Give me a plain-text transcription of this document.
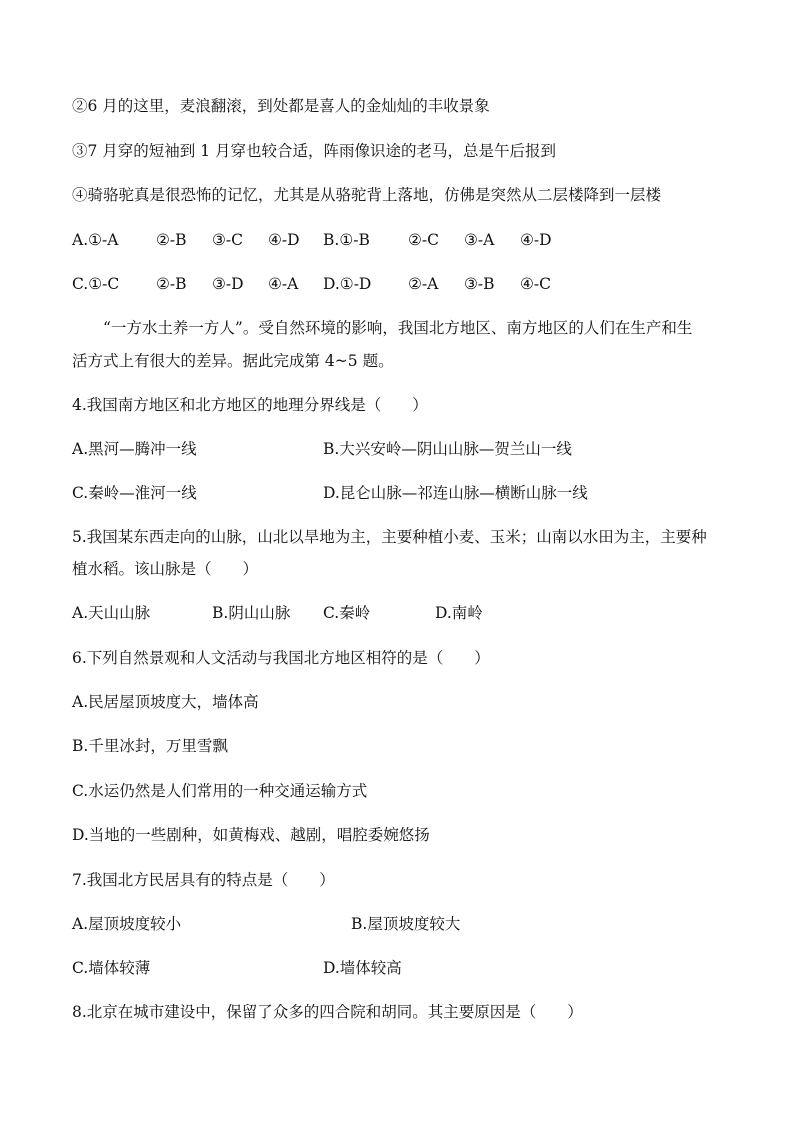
②6 月的这里，麦浪翻滚，到处都是喜人的金灿灿的丰收景象
③7 月穿的短袖到 1 月穿也较合适，阵雨像识途的老马，总是午后报到
④骑骆驼真是很恐怖的记忆，尤其是从骆驼背上落地，仿佛是突然从二层楼降到一层楼
A.①-A ②-B ③-C ④-D B.①-B ②-C ③-A ④-D
C.①-C ②-B ③-D ④-A D.①-D ②-A ③-B ④-C
“一方水土养一方人”。受自然环境的影响，我国北方地区、南方地区的人们在生产和生
活方式上有很大的差异。据此完成第 4~5 题。
4.我国南方地区和北方地区的地理分界线是（　　）
A.黑河—腾冲一线	B.大兴安岭—阴山山脉—贺兰山一线
C.秦岭—淮河一线	D.昆仑山脉—祁连山脉—横断山脉一线
5.我国某东西走向的山脉，山北以旱地为主，主要种植小麦、玉米；山南以水田为主，主要种
植水稻。该山脉是（　　）
A.天山山脉	B.阴山山脉 C.秦岭	D.南岭
6.下列自然景观和人文活动与我国北方地区相符的是（　　）
A.民居屋顶坡度大，墙体高
B.千里冰封，万里雪飘
C.水运仍然是人们常用的一种交通运输方式
D.当地的一些剧种，如黄梅戏、越剧，唱腔委婉悠扬
7.我国北方民居具有的特点是（　　）
A.屋顶坡度较小	B.屋顶坡度较大
C.墙体较薄	D.墙体较高
8.北京在城市建设中，保留了众多的四合院和胡同。其主要原因是（　　）
